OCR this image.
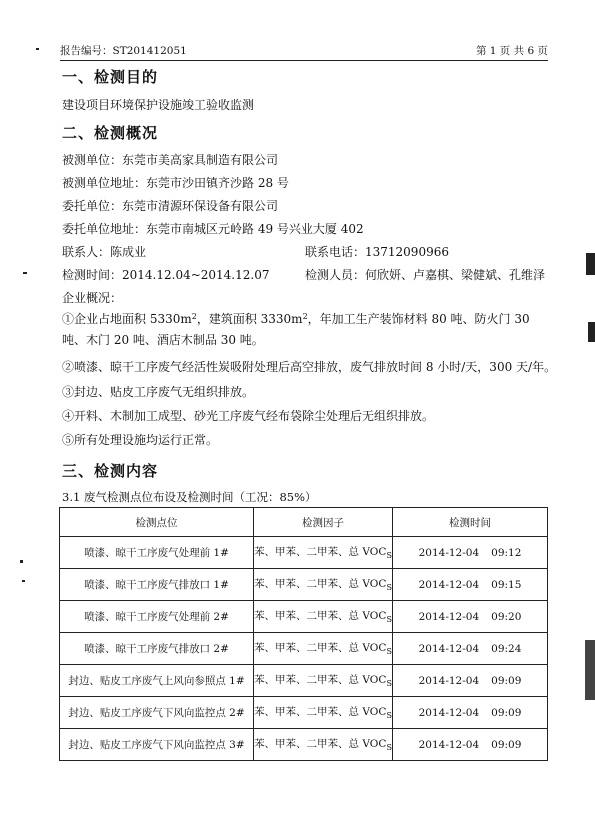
报告编号：ST201412051	第 1 页 共 6 页
一、检测目的
建设项目环境保护设施竣工验收监测
二、检测概况
被测单位：东莞市美高家具制造有限公司
被测单位地址：东莞市沙田镇齐沙路 28 号
委托单位：东莞市清源环保设备有限公司
委托单位地址：东莞市南城区元岭路 49 号兴业大厦 402
联系人：陈成业	联系电话：13712090966
检测时间：2014.12.04~2014.12.07	检测人员：何欣妍、卢嘉棋、梁健斌、孔维泽
企业概况：
①企业占地面积 $5330m^2$，建筑面积 $3330m^2$，年加工生产装饰材料 80 吨、防火门 30 吨、木门 20 吨、酒店木制品 30 吨。
②喷漆、晾干工序废气经活性炭吸附处理后高空排放，废气排放时间 8 小时/天，300 天/年。
③封边、贴皮工序废气无组织排放。
④开料、木制加工成型、砂光工序废气经布袋除尘处理后无组织排放。
⑤所有处理设施均运行正常。
三、检测内容
3.1 废气检测点位布设及检测时间（工况：85%）
检测点位	检测因子	检测时间
喷漆、晾干工序废气处理前 1#	苯、甲苯、二甲苯、总 $VOC_S$	2014-12-04 09:12
喷漆、晾干工序废气排放口 1#	苯、甲苯、二甲苯、总 $VOC_S$	2014-12-04 09:15
喷漆、晾干工序废气处理前 2#	苯、甲苯、二甲苯、总 $VOC_S$	2014-12-04 09:20
喷漆、晾干工序废气排放口 2#	苯、甲苯、二甲苯、总 $VOC_S$	2014-12-04 09:24
封边、贴皮工序废气上风向参照点 1#	苯、甲苯、二甲苯、总 $VOC_S$	2014-12-04 09:09
封边、贴皮工序废气下风向监控点 2#	苯、甲苯、二甲苯、总 $VOC_S$	2014-12-04 09:09
封边、贴皮工序废气下风向监控点 3#	苯、甲苯、二甲苯、总 $VOC_S$	2014-12-04 09:09
